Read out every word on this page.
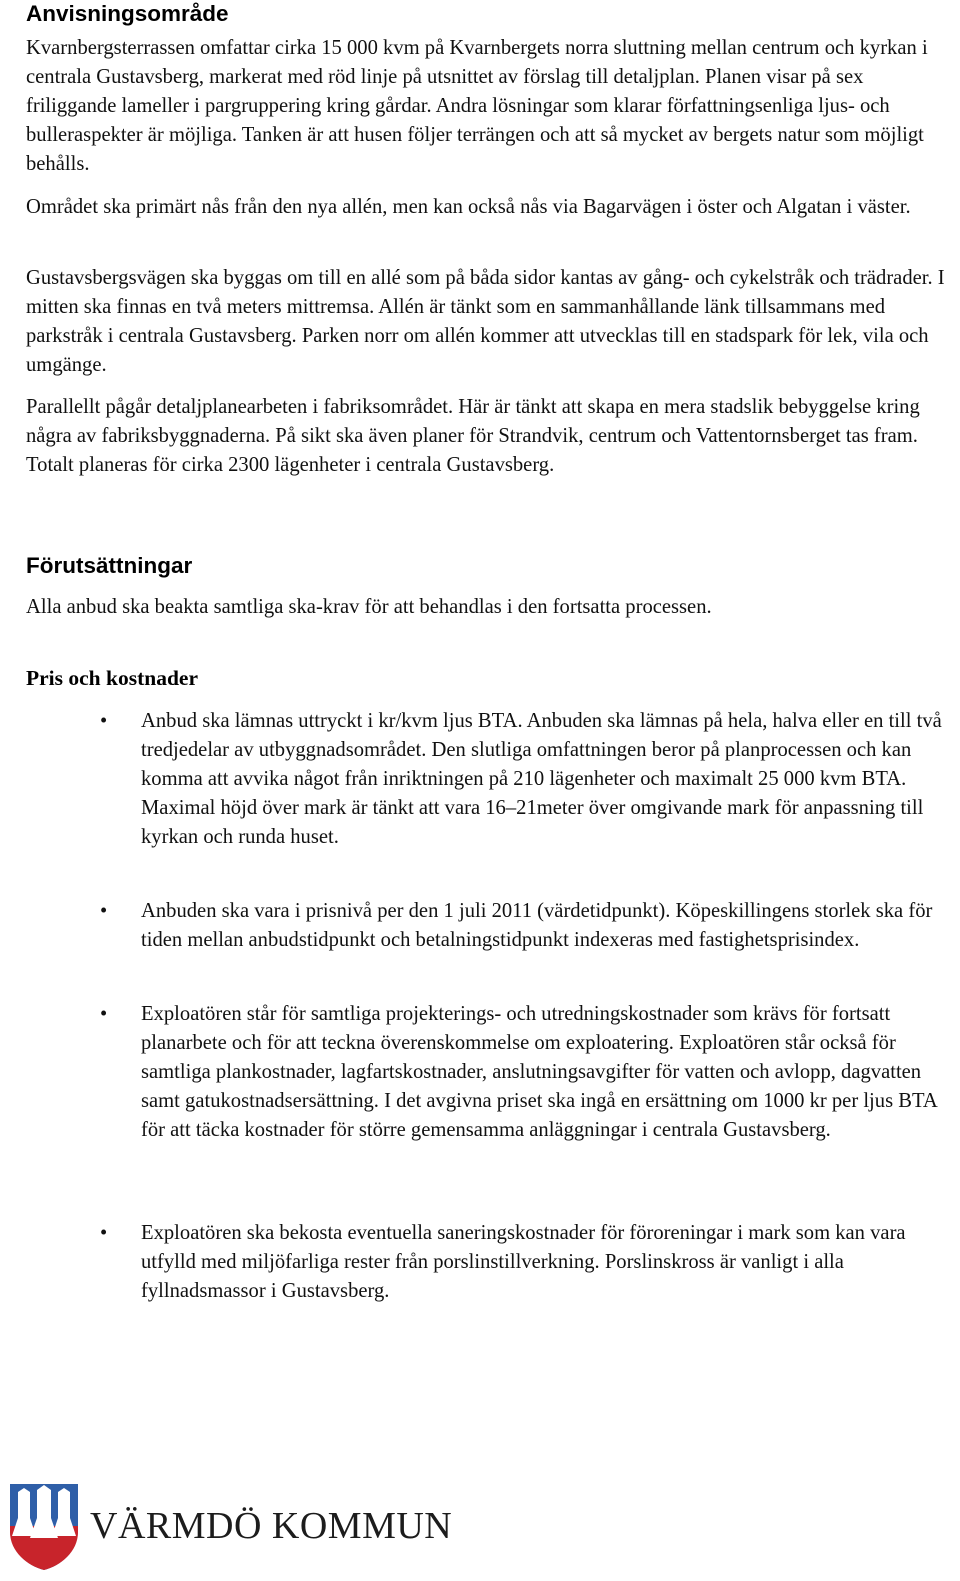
Anvisningsområde

Kvarnbergsterrassen omfattar cirka 15 000 kvm på Kvarnbergets norra sluttning mellan centrum och kyrkan i centrala Gustavsberg, markerat med röd linje på utsnittet av förslag till detaljplan. Planen visar på sex friliggande lameller i pargruppering kring gårdar. Andra lösningar som klarar författningsenliga ljus- och bulleraspekter är möjliga. Tanken är att husen följer terrängen och att så mycket av bergets natur som möjligt behålls.

Området ska primärt nås från den nya allén, men kan också nås via Bagarvägen i öster och Algatan i väster.

Gustavsbergsvägen ska byggas om till en allé som på båda sidor kantas av gång- och cykelstråk och trädrader. I mitten ska finnas en två meters mittremsa. Allén är tänkt som en sammanhållande länk tillsammans med parkstråk i centrala Gustavsberg. Parken norr om allén kommer att utvecklas till en stadspark för lek, vila och umgänge.

Parallellt pågår detaljplanearbeten i fabriksområdet. Här är tänkt att skapa en mera stadslik bebyggelse kring några av fabriksbyggnaderna. På sikt ska även planer för Strandvik, centrum och Vattentornsberget tas fram. Totalt planeras för cirka 2300 lägenheter i centrala Gustavsberg.

Förutsättningar

Alla anbud ska beakta samtliga ska-krav för att behandlas i den fortsatta processen.

Pris och kostnader
• Anbud ska lämnas uttryckt i kr/kvm ljus BTA. Anbuden ska lämnas på hela, halva eller en till två tredjedelar av utbyggnadsområdet. Den slutliga omfattningen beror på planprocessen och kan komma att avvika något från inriktningen på 210 lägenheter och maximalt 25 000 kvm BTA. Maximal höjd över mark är tänkt att vara 16–21meter över omgivande mark för anpassning till kyrkan och runda huset.

• Anbuden ska vara i prisnivå per den 1 juli 2011 (värdetidpunkt). Köpeskillingens storlek ska för tiden mellan anbudstidpunkt och betalningstidpunkt indexeras med fastighetsprisindex.

• Exploatören står för samtliga projekterings- och utredningskostnader som krävs för fortsatt planarbete och för att teckna överenskommelse om exploatering. Exploatören står också för samtliga plankostnader, lagfartskostnader, anslutningsavgifter för vatten och avlopp, dagvatten samt gatukostnadsersättning. I det avgivna priset ska ingå en ersättning om 1000 kr per ljus BTA för att täcka kostnader för större gemensamma anläggningar i centrala Gustavsberg.

• Exploatören ska bekosta eventuella saneringskostnader för föroreningar i mark som kan vara utfylld med miljöfarliga rester från porslinstillverkning. Porslinskross är vanligt i alla fyllnadsmassor i Gustavsberg.

VÄRMDÖ KOMMUN
